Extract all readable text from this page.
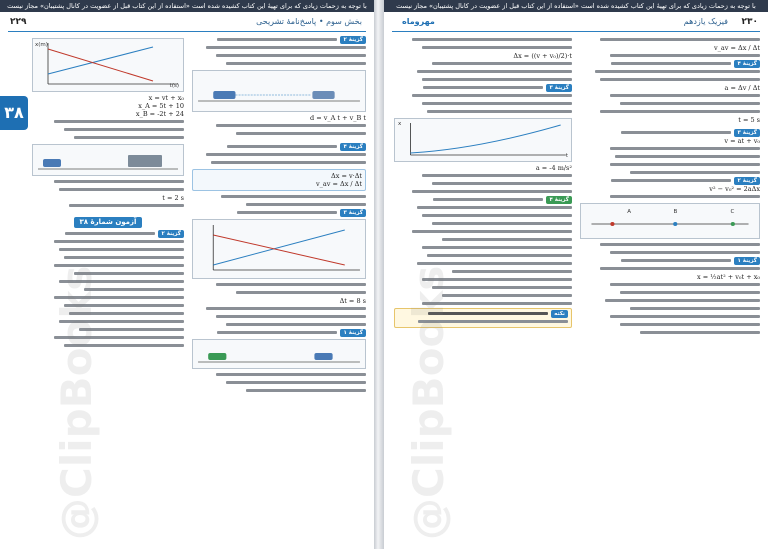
با توجه به زحمات زیادی که برای تهیهٔ این کتاب کشیده شده است «استفاده از این کتاب قبل از عضویت در کانال پشتیبان» مجاز نیست
۲۲۹	بخش سوم • پاسخ‌نامهٔ تشریحی
۳۸
گزینهٔ ۲
d = v_A t + v_B t
گزینهٔ ۴
Δx = v·Δt
v_av = Δx / Δt
گزینهٔ ۳
Δt = 8 s
گزینهٔ ۱
x(m)
t(s)
x = vt + x₀
x_A = 5t + 10
x_B = -2t + 24
t = 2 s
آزمون شمارهٔ ۳۸
گزینهٔ ۲
@ClipBooks
با توجه به زحمات زیادی که برای تهیهٔ این کتاب کشیده شده است «استفاده از این کتاب قبل از عضویت در کانال پشتیبان» مجاز نیست
۲۳۰
فیزیک یازدهم
مهروماه
v_av = Δx / Δt
گزینهٔ ۴
a = Δv / Δt
t = 5 s
گزینهٔ ۳
v = at + v₀
گزینهٔ ۲
v² − v₀² = 2aΔx
A	B	C
گزینهٔ ۱
x = ½at² + v₀t + x₀
Δx = ((v + v₀)/2)·t
گزینهٔ ۳
x
t
a = -4 m/s²
گزینهٔ ۴
نکته
@ClipBooks
